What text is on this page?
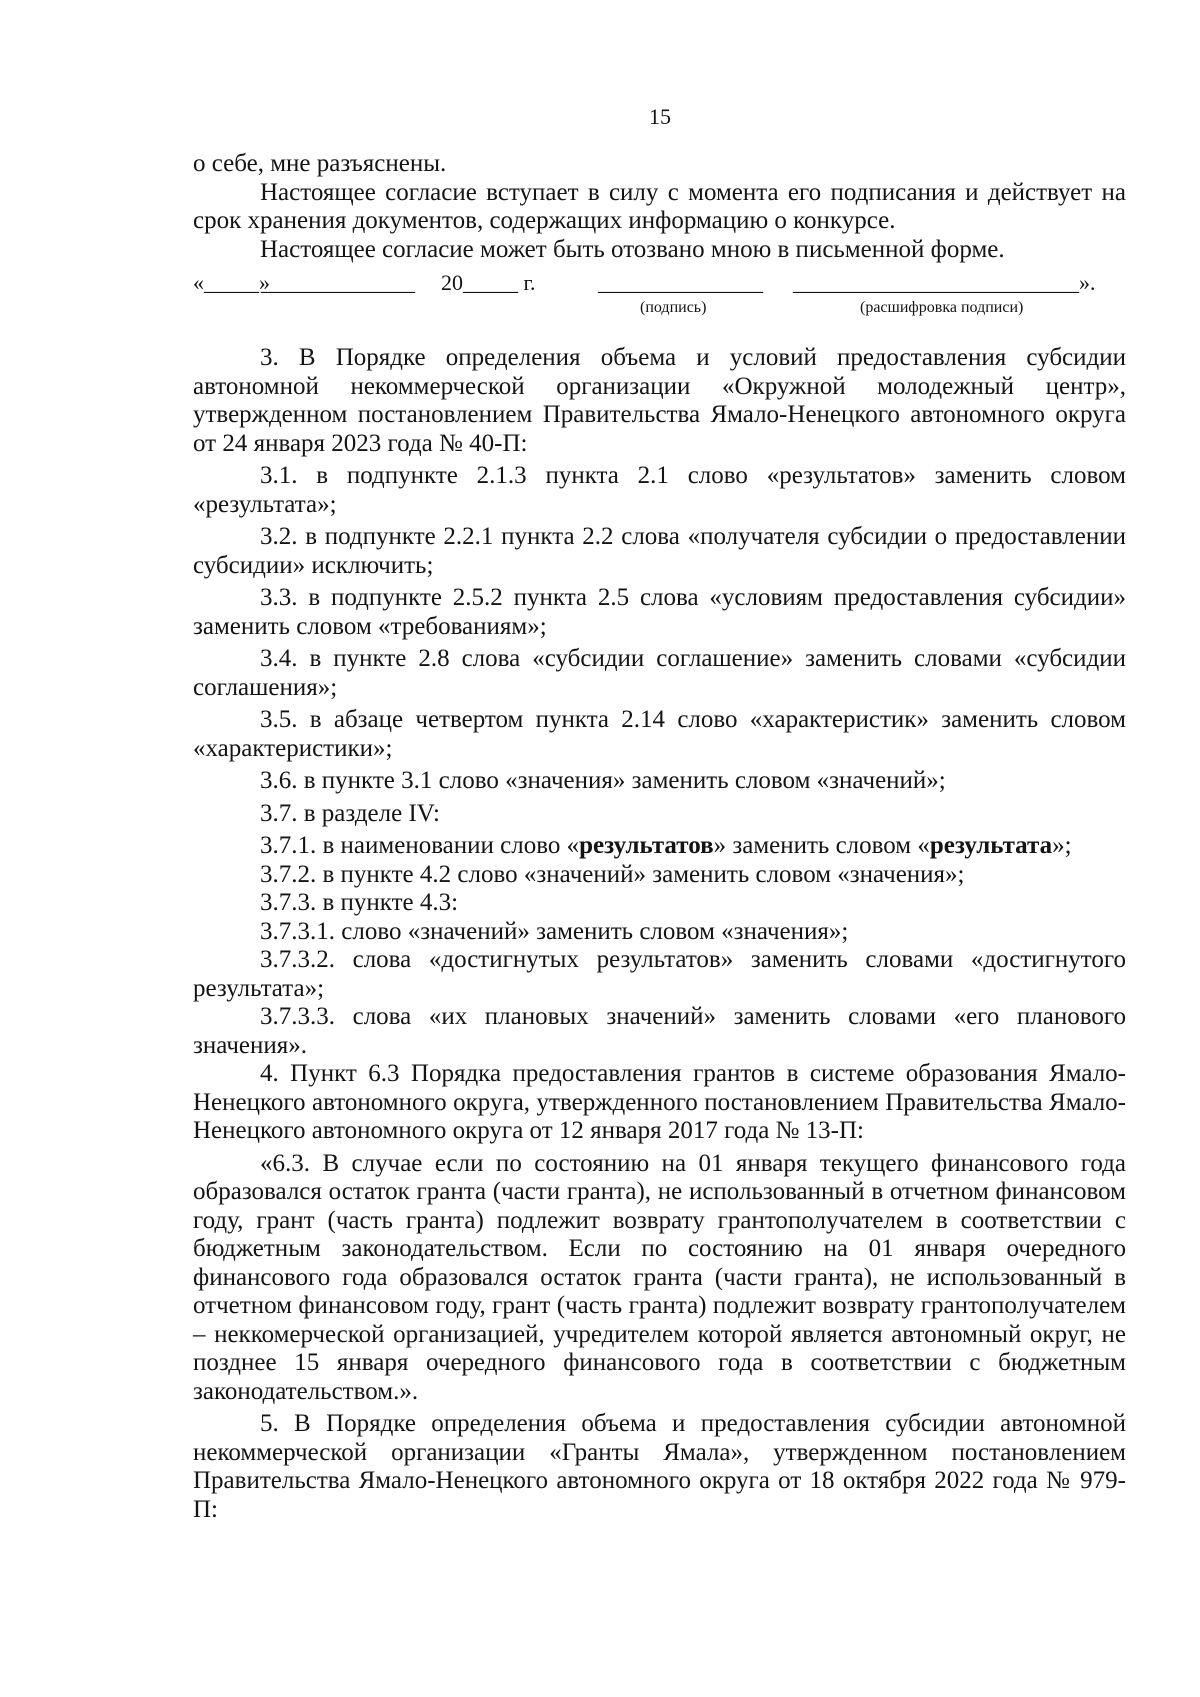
15

о себе, мне разъяснены.

Настоящее согласие вступает в силу с момента его подписания и действует на срок хранения документов, содержащих информацию о конкурсе.

Настоящее согласие может быть отозвано мною в письменной форме.

«_____»
______________ 20_____ г.	_______________ __________________________».
(подпись)	(расшифровка подписи)

3. В Порядке определения объема и условий предоставления субсидии автономной некоммерческой организации «Окружной молодежный центр», утвержденном постановлением Правительства Ямало-Ненецкого автономного округа от 24 января 2023 года № 40-П:

3.1. в подпункте 2.1.3 пункта 2.1 слово «результатов» заменить словом «результата»;

3.2. в подпункте 2.2.1 пункта 2.2 слова «получателя субсидии о предоставлении субсидии» исключить;

3.3. в подпункте 2.5.2 пункта 2.5 слова «условиям предоставления субсидии» заменить словом «требованиям»;

3.4. в пункте 2.8 слова «субсидии соглашение» заменить словами «субсидии соглашения»;

3.5. в абзаце четвертом пункта 2.14 слово «характеристик» заменить словом «характеристики»;

3.6. в пункте 3.1 слово «значения» заменить словом «значений»;

3.7. в разделе IV:

3.7.1. в наименовании слово «результатов» заменить словом «результата»;

3.7.2. в пункте 4.2 слово «значений» заменить словом «значения»;

3.7.3. в пункте 4.3:

3.7.3.1. слово «значений» заменить словом «значения»;

3.7.3.2. слова «достигнутых результатов» заменить словами «достигнутого результата»;

3.7.3.3. слова «их плановых значений» заменить словами «его планового значения».

4. Пункт 6.3 Порядка предоставления грантов в системе образования Ямало-Ненецкого автономного округа, утвержденного постановлением Правительства Ямало-Ненецкого автономного округа от 12 января 2017 года № 13-П:

«6.3. В случае если по состоянию на 01 января текущего финансового года образовался остаток гранта (части гранта), не использованный в отчетном финансовом году, грант (часть гранта) подлежит возврату грантополучателем в соответствии с бюджетным законодательством. Если по состоянию на 01 января очередного финансового года образовался остаток гранта (части гранта), не использованный в отчетном финансовом году, грант (часть гранта) подлежит возврату грантополучателем – неккомерческой организацией, учредителем которой является автономный округ, не позднее 15 января очередного финансового года в соответствии с бюджетным законодательством.».

5. В Порядке определения объема и предоставления субсидии автономной некоммерческой организации «Гранты Ямала», утвержденном постановлением Правительства Ямало-Ненецкого автономного округа от 18 октября 2022 года № 979-П:
